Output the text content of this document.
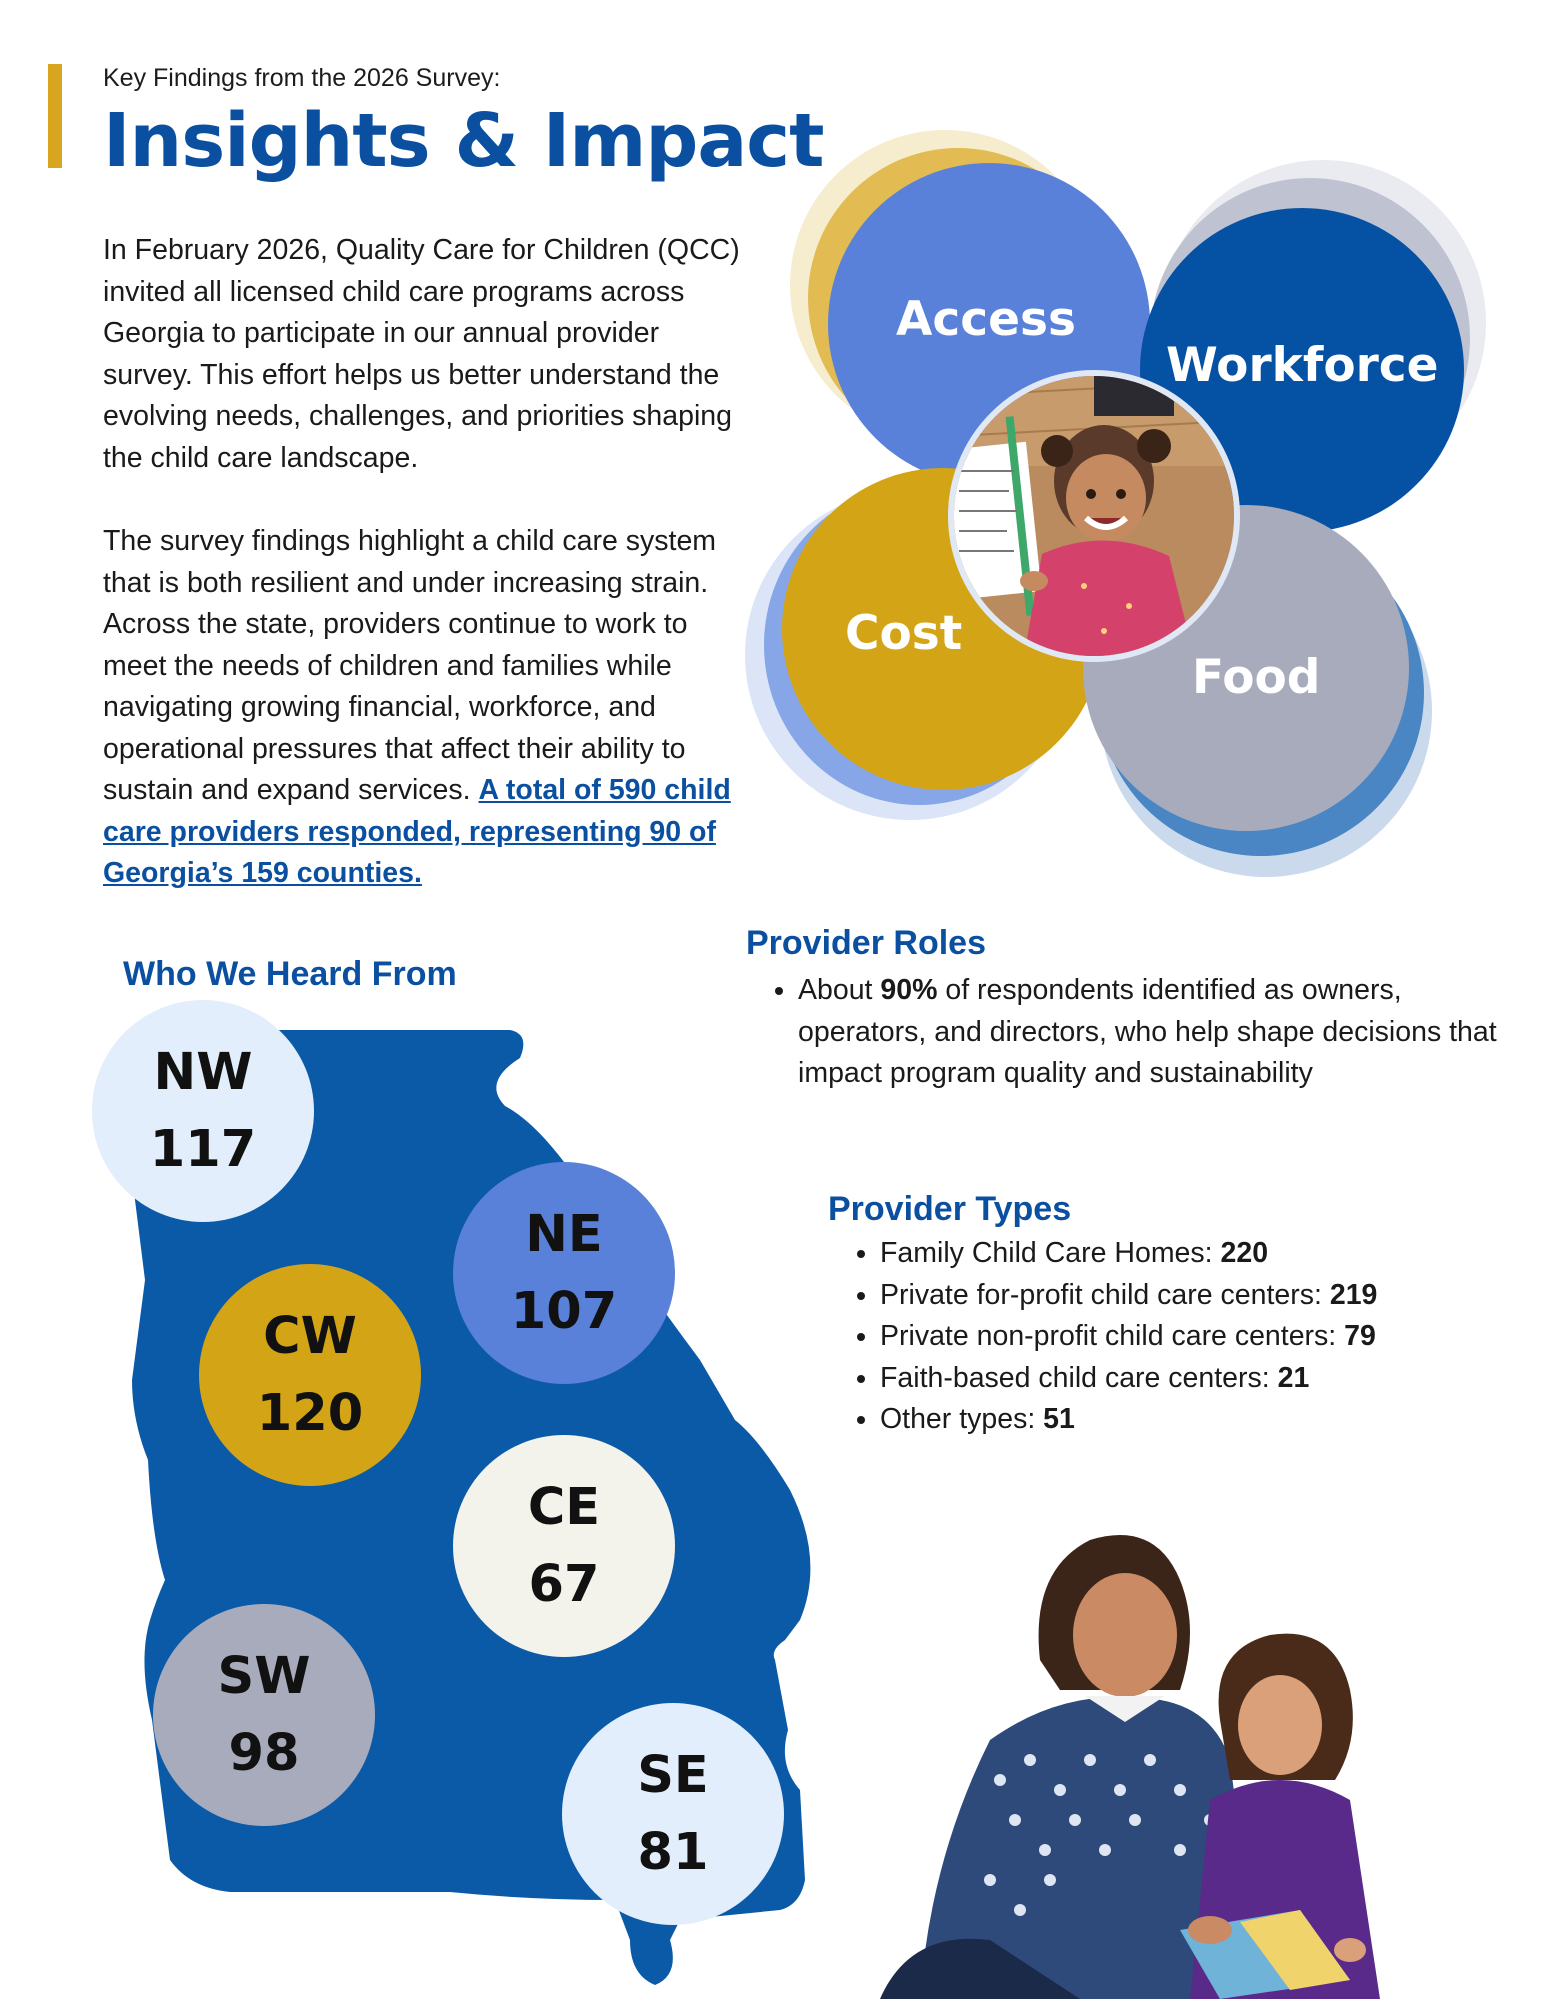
Key Findings from the 2026 Survey:
Insights & Impact

In February 2026, Quality Care for Children (QCC) invited all licensed child care programs across Georgia to participate in our annual provider survey. This effort helps us better understand the evolving needs, challenges, and priorities shaping the child care landscape.

The survey findings highlight a child care system that is both resilient and under increasing strain. Across the state, providers continue to work to meet the needs of children and families while navigating growing financial, workforce, and operational pressures that affect their ability to sustain and expand services. A total of 590 child care providers responded, representing 90 of Georgia’s 159 counties.

Access
Workforce
Cost
Food
Who We Heard From
NW
117
NE
107
CW
120
CE
67
SW
98	SE
81
Provider Roles
• About 90% of respondents identified as owners, operators, and directors, who help shape decisions that impact program quality and sustainability
Provider Types
• Family Child Care Homes: 220
• Private for-profit child care centers: 219
• Private non-profit child care centers: 79
• Faith-based child care centers: 21
• Other types: 51
